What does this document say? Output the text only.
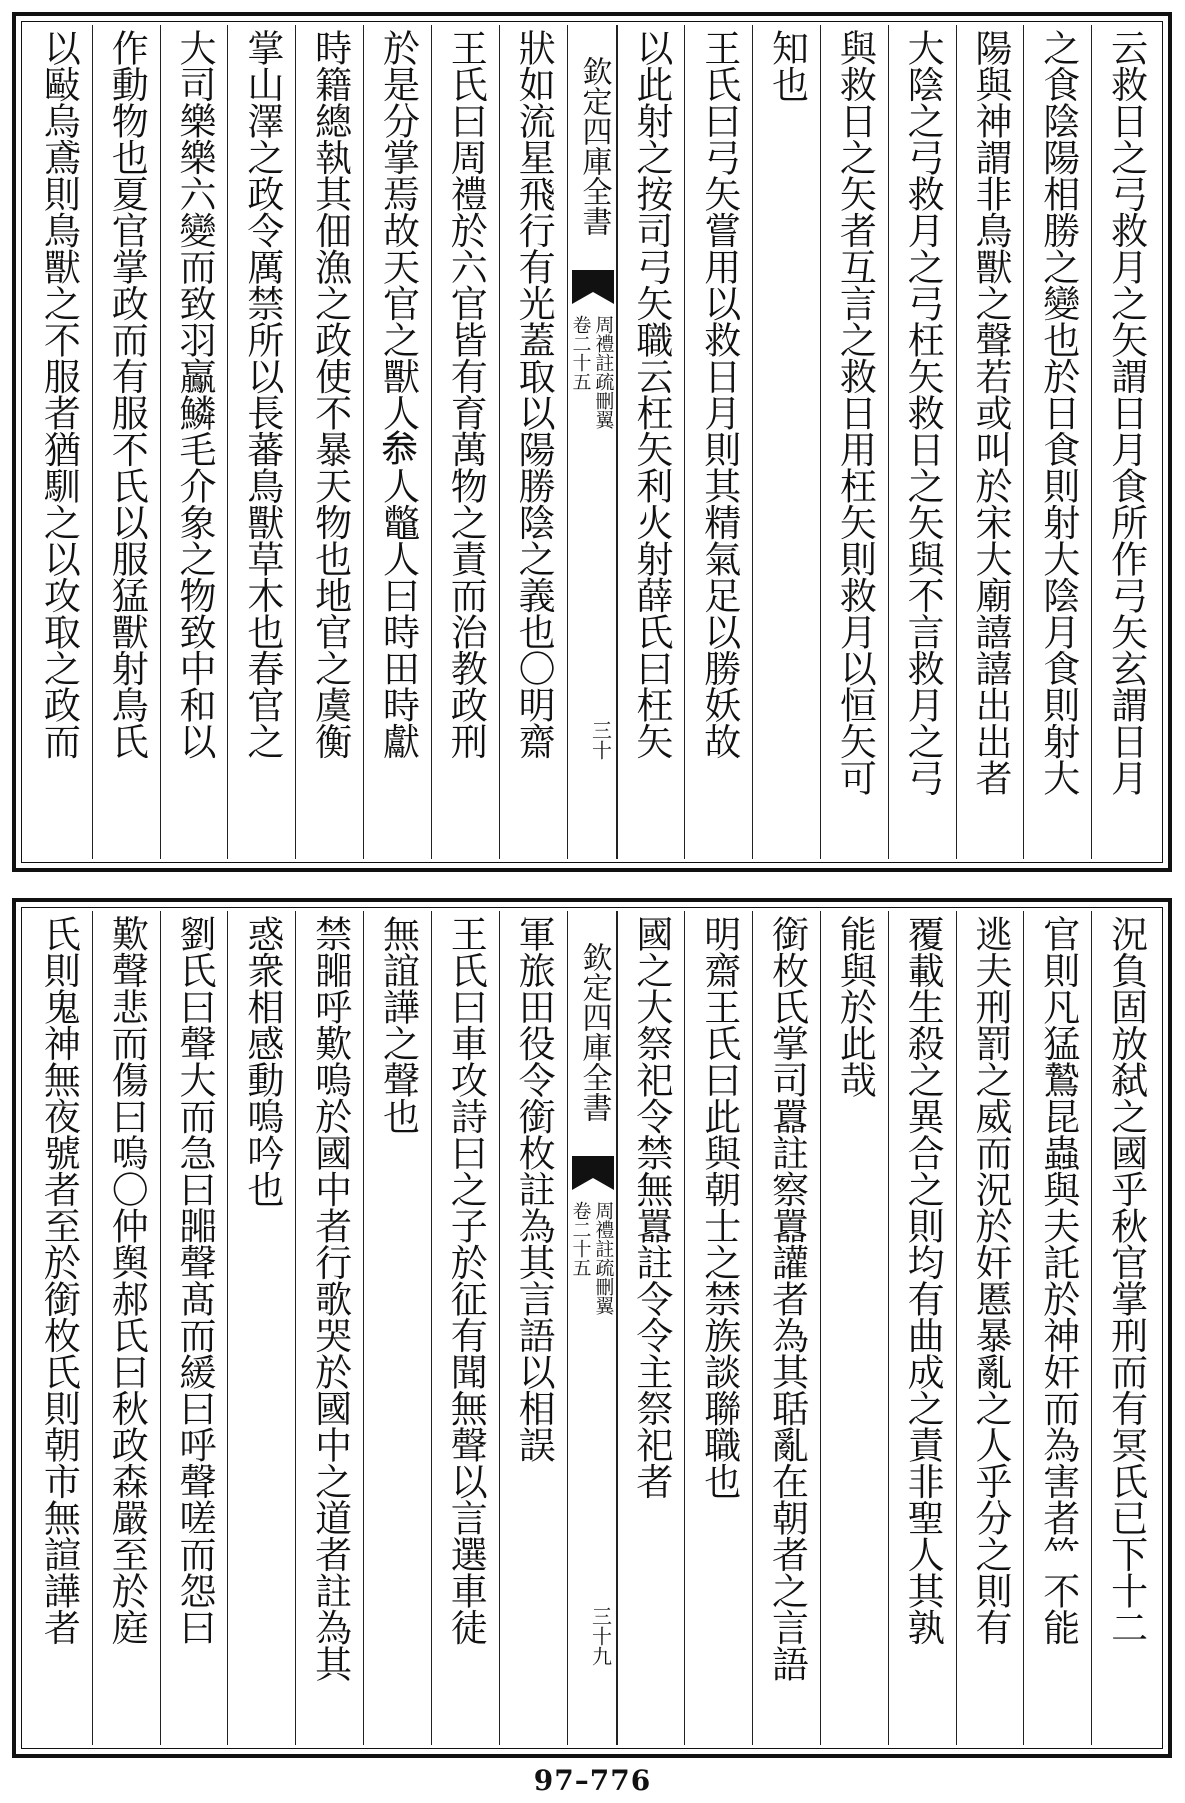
云救日之弓救月之矢謂日月食所作弓矢玄謂日月
之食陰陽相勝之變也於日食則射大陰月食則射大
陽與神謂非鳥獸之聲若或叫於宋大廟譆譆出出者
大陰之弓救月之弓枉矢救日之矢與不言救月之弓
與救日之矢者互言之救日用枉矢則救月以恒矢可
知也
王氏曰弓矢嘗用以救日月則其精氣足以勝妖故
以此射之按司弓矢職云枉矢利火射薛氏曰枉矢
欽定四庫全書
周禮註疏刪翼
卷二十五
三十
狀如流星飛行有光蓋取以陽勝陰之義也〇明齋
王氏曰周禮於六官皆有育萬物之責而治教政刑
於是分掌焉故天官之獸人𠫵人鼈人曰時田時獻
時籍總執其佃漁之政使不暴天物也地官之虞衡
掌山澤之政令厲禁所以長蕃鳥獸草木也春官之
大司樂樂六變而致羽鸁鱗毛介象之物致中和以
作動物也夏官掌政而有服不氏以服猛獸射鳥氏
以敺烏鳶則鳥獸之不服者猶馴之以攻取之政而
況負固放弑之國乎秋官掌刑而有冥氏已下十二
官則凡猛鷙昆蟲與夫託於神奸而為害者𥫗不能
逃夫刑罰之威而況於奸慝暴亂之人乎分之則有
覆載生殺之異合之則均有曲成之責非聖人其孰
能與於此哉
銜枚氏掌司囂註察囂讙者為其聒亂在朝者之言語
明齋王氏曰此與朝士之禁族談聯職也
國之大祭祀令禁無囂註令令主祭祀者
欽定四庫全書
周禮註疏刪翼
卷二十五
三十九
軍旅田役令銜枚註為其言語以相誤
王氏曰車攻詩曰之子於征有聞無聲以言選車徒
無誼譁之聲也
禁嘂呼歎嗚於國中者行歌哭於國中之道者註為其
惑衆相感動嗚吟也
劉氏曰聲大而急曰嘂聲髙而緩曰呼聲嗟而怨曰
歎聲悲而傷曰嗚〇仲舆郝氏曰秋政森嚴至於庭
氏則鬼神無夜號者至於銜枚氏則朝市無諠譁者
97–776
